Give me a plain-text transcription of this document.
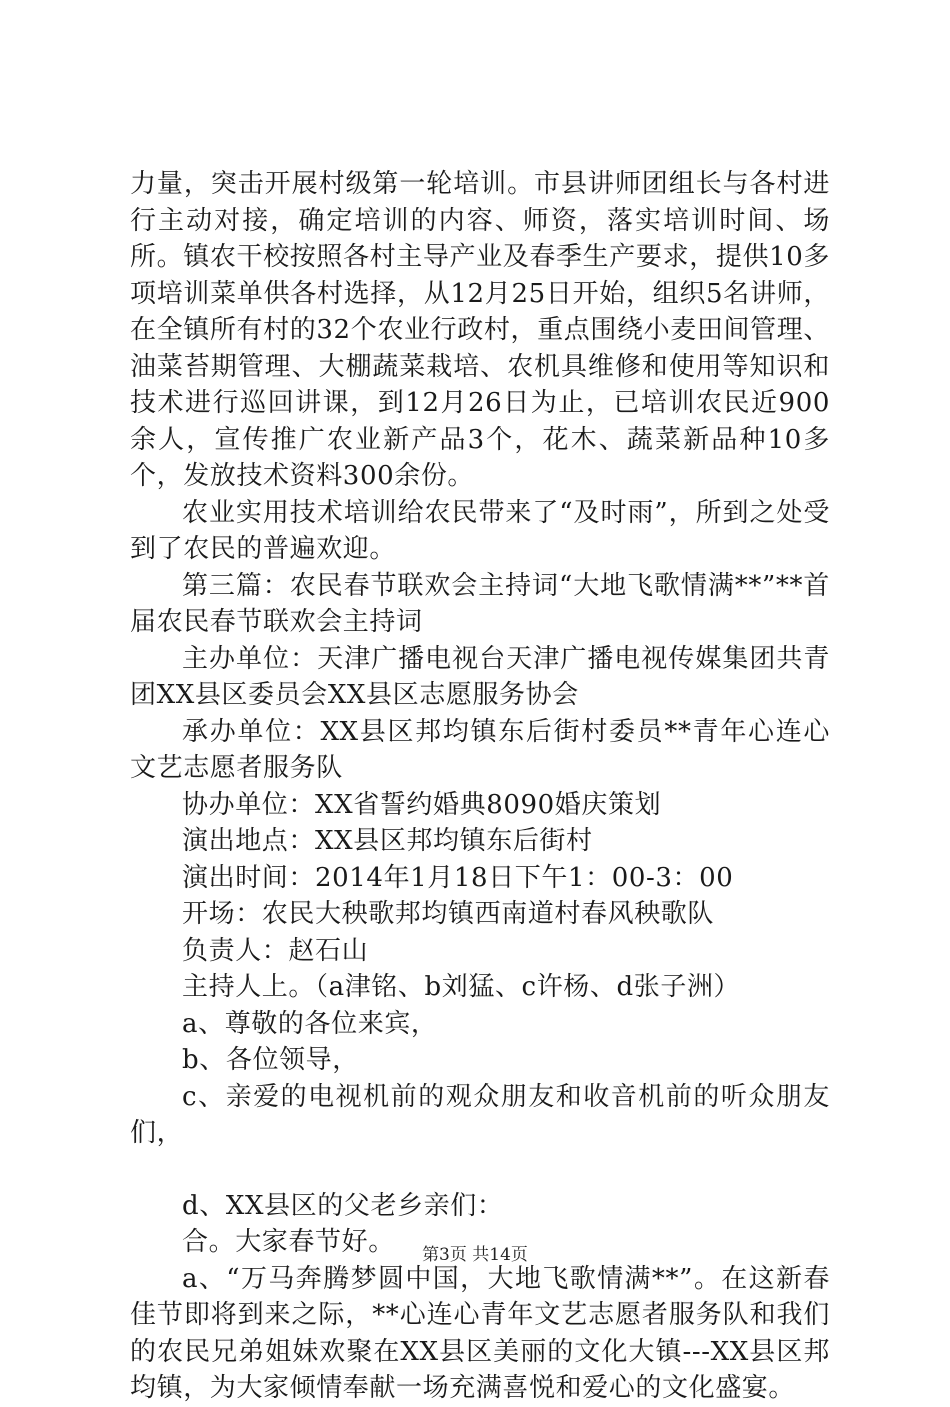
力量，突击开展村级第一轮培训。市县讲师团组长与各村进行主动对接，确定培训的内容、师资，落实培训时间、场所。镇农干校按照各村主导产业及春季生产要求，提供10多项培训菜单供各村选择，从12月25日开始，组织5名讲师，在全镇所有村的32个农业行政村，重点围绕小麦田间管理、油菜苔期管理、大棚蔬菜栽培、农机具维修和使用等知识和技术进行巡回讲课，到12月26日为止，已培训农民近900余人，宣传推广农业新产品3个，花木、蔬菜新品种10多个，发放技术资料300余份。

农业实用技术培训给农民带来了“及时雨”，所到之处受到了农民的普遍欢迎。

第三篇：农民春节联欢会主持词“大地飞歌情满**”**首届农民春节联欢会主持词

主办单位：天津广播电视台天津广播电视传媒集团共青团XX县区委员会XX县区志愿服务协会

承办单位：XX县区邦均镇东后街村委员**青年心连心文艺志愿者服务队

协办单位：XX省誓约婚典8090婚庆策划

演出地点：XX县区邦均镇东后街村

演出时间：2014年1月18日下午1：00-3：00

开场：农民大秧歌邦均镇西南道村春风秧歌队

负责人：赵石山

主持人上。（a津铭、b刘猛、c许杨、d张子洲）

a、尊敬的各位来宾，

b、各位领导，

c、亲爱的电视机前的观众朋友和收音机前的听众朋友们，

d、XX县区的父老乡亲们：

合。大家春节好。

a、“万马奔腾梦圆中国，大地飞歌情满**”。在这新春佳节即将到来之际，**心连心青年文艺志愿者服务队和我们的农民兄弟姐妹欢聚在XX县区美丽的文化大镇---XX县区邦均镇，为大家倾情奉献一场充满喜悦和爱心的文化盛宴。

第3页 共14页
